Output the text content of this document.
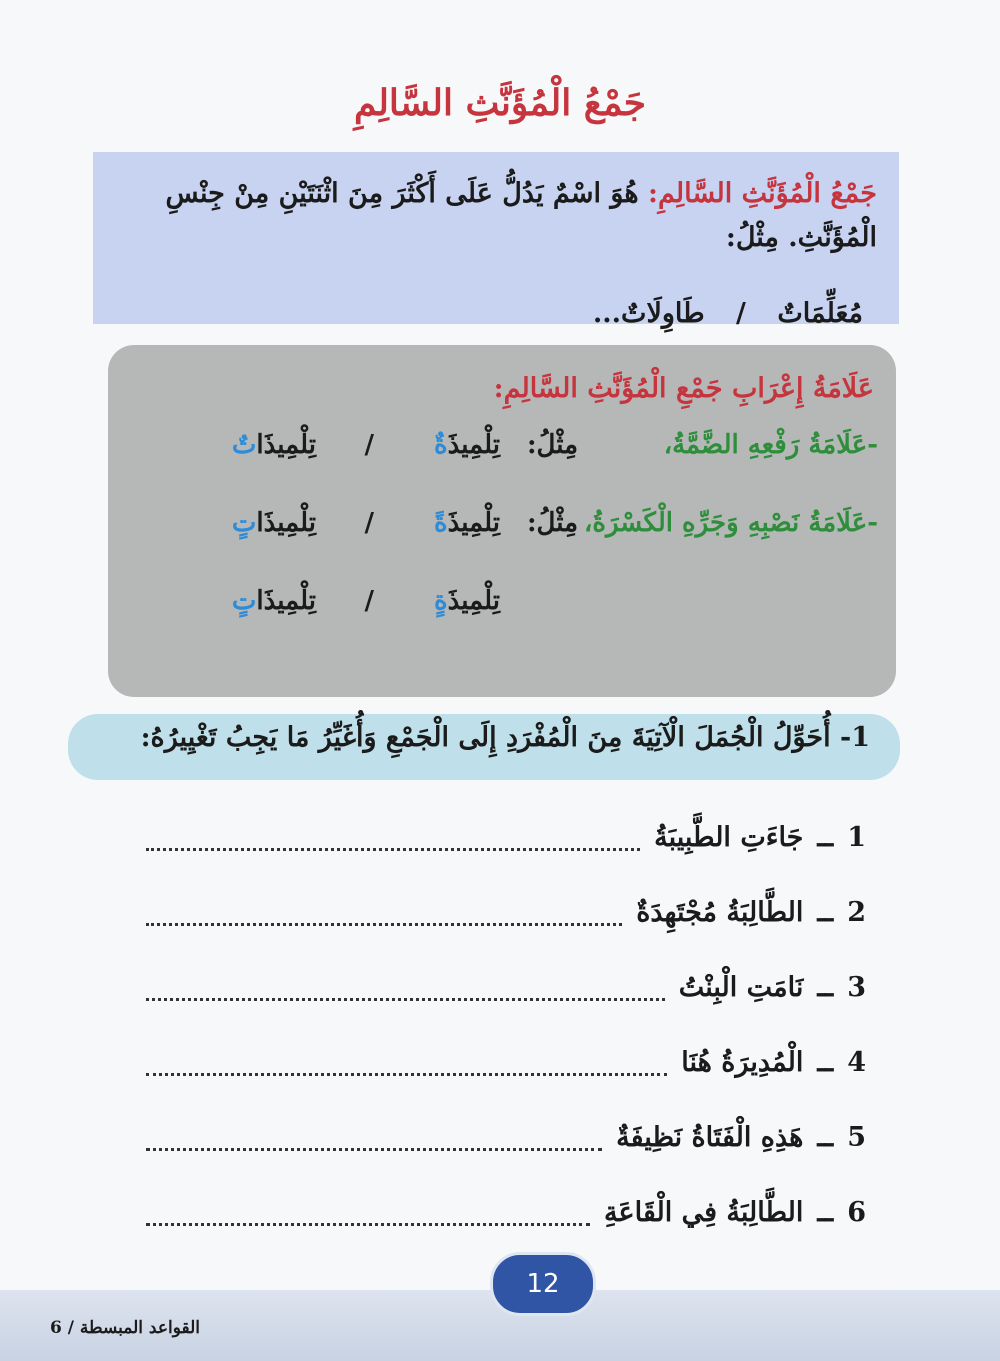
جَمْعُ الْمُؤَنَّثِ السَّالِمِ
جَمْعُ الْمُؤَنَّثِ السَّالِمِ: هُوَ اسْمٌ يَدُلُّ عَلَى أَكْثَرَ مِنَ اثْنَتَيْنِ مِنْ جِنْسِ الْمُؤَنَّثِ. مِثْلُ:
مُعَلِّمَاتٌ / طَاوِلَاتٌ...
عَلَامَةُ إِعْرَابِ جَمْعِ الْمُؤَنَّثِ السَّالِمِ:
-عَلَامَةُ رَفْعِهِ الضَّمَّةُ،
مِثْلُ:
تِلْمِيذَةٌ
/
تِلْمِيذَاتٌ
-عَلَامَةُ نَصْبِهِ وَجَرِّهِ الْكَسْرَةُ،
مِثْلُ:
تِلْمِيذَةً
/
تِلْمِيذَاتٍ
تِلْمِيذَةٍ
/
تِلْمِيذَاتٍ
1- أُحَوِّلُ الْجُمَلَ الْآتِيَةَ مِنَ الْمُفْرَدِ إِلَى الْجَمْعِ وَأُغَيِّرُ مَا يَجِبُ تَغْيِيرُهُ:
1
ــ
جَاءَتِ الطَّبِيبَةُ
2
ــ
الطَّالِبَةُ مُجْتَهِدَةٌ
3
ــ
نَامَتِ الْبِنْتُ
4
ــ
الْمُدِيرَةُ هُنَا
5
ــ
هَذِهِ الْفَتَاةُ نَظِيفَةٌ
6
ــ
الطَّالِبَةُ فِي الْقَاعَةِ
12
القواعد المبسطة / 6
